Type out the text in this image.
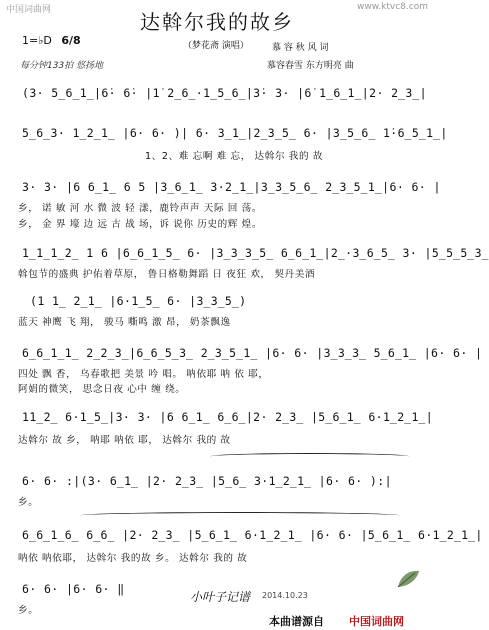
中国词曲网	www.ktvc8.com
达斡尔我的故乡
（梦花斋 演唱）
1=♭D 6/8
每分钟133拍 悠扬地
慕 容 秋 风 词
慕容春雪 东方明亮 曲
(3· 5̲6̲1̲|6̇· 6̇· |1̇ 2̲6̲·1̲5̲6̲|3̇· 3· |6̇ 1̲6̲1̲|2· 2̲3̲|
5̲6̲3· 1̲2̲1̲ |6· 6· )| 6· 3̲1̲|2̲3̲5̲ 6· |3̲5̲6̲ 1̇·6̲5̲1̲|
1、2、难 忘啊 难 忘， 达斡尔 我的 故
3· 3· |6 6̲1̲ 6 5 |3̲6̲1̲ 3·2̲1̲|3̲3̲5̲6̲ 2̲3̲5̲1̲|6· 6· |
乡， 诺 敏 河 水 微 波 轻 漾，鹿铃声声 天际 回 荡。
乡， 金 界 壕 边 远 古 战 场，诉 说你 历史的辉 煌。
1̲1̲1̲2̲ 1 6 |6̲6̲1̲5̲ 6· |3̲3̲3̲5̲ 6̲6̲1̲|2̲·3̲6̲5̲ 3· |5̲5̲5̲3̲
斡包节的盛典 护佑着草原， 鲁日格勒舞蹈 日 夜狂 欢， 契丹美酒
(1 1̲ 2̲1̲ |6·1̲5̲ 6· |3̲3̲5̲)
蓝天 神鹰 飞 翔， 骏马 嘶鸣 激 昂， 奶茶飘逸
6̲6̲1̲1̲ 2̲2̲3̲|6̲6̲5̲3̲ 2̲3̲5̲1̲ |6· 6· |3̲3̲3̲ 5̲6̲1̲ |6· 6· |
四处 飘 香， 乌春歌把 美景 吟 唱。 呐依耶 呐 依 耶，
阿娟的微笑， 思念日夜 心中 缠 绕。
1̇1̲2̲ 6·1̲5̲|3· 3· |6 6̲1̲ 6̲6̲|2· 2̲3̲ |5̲6̲1̲ 6·1̲2̲1̲|
达斡尔 故 乡， 呐耶 呐依 耶， 达斡尔 我的 故
6· 6· :|(3· 6̲1̲ |2· 2̲3̲ |5̲6̲ 3·1̲2̲1̲ |6· 6· ):|
乡。
6̲6̲1̲6̲ 6̲6̲ |2· 2̲3̲ |5̲6̲1̲ 6·1̲2̲1̲ |6· 6· |5̲6̲1̲ 6·1̲2̲1̲|
呐依 呐依耶， 达斡尔 我的故 乡。 达斡尔 我的 故
6· 6· |6· 6· ‖
乡。
小叶子记谱 2014.10.23
本曲谱源自 中国词曲网
